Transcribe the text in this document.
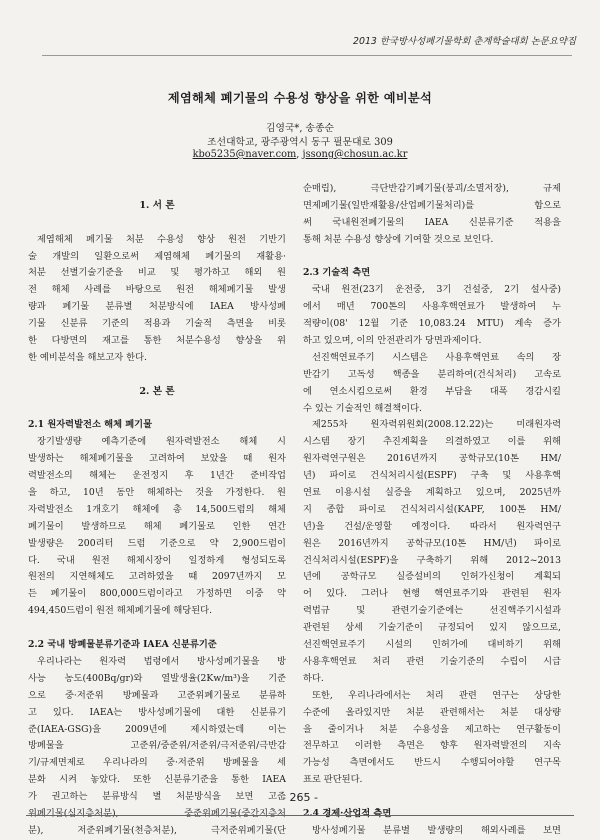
2013 한국방사성폐기물학회 춘계학술대회 논문요약집
제염해체 폐기물의 수용성 향상을 위한 예비분석
김영국*, 송종순
조선대학교, 광주광역시 동구 필문대로 309
kbo5235@naver.com, jssong@chosun.ac.kr
1. 서 론
제염해체 폐기물 처분 수용성 향상 원전 기반기
술 개발의 일환으로써 제염해체 폐기물의 재활용·
처분 선별기술기준을 비교 및 평가하고 해외 원
전 해체 사례를 바탕으로 원전 해체폐기물 발생
량과 폐기물 분류별 처분방식에 IAEA 방사성폐
기물 신분류 기준의 적용과 기술적 측면을 비롯
한 다방면의 재고를 통한 처분수용성 향상을 위
한 예비분석을 해보고자 한다.
2. 본 론
2.1 원자력발전소 해체 폐기물
장기발생량 예측기준에 원자력발전소 해체 시
발생하는 해체폐기물을 고려하여 보았을 때 원자
력발전소의 해체는 운전정지 후 1년간 준비작업
을 하고, 10년 동안 해체하는 것을 가정한다. 원
자력발전소 1개호기 해체에 총 14,500드럼의 해체
폐기물이 발생하므로 해체 폐기물로 인한 연간
발생량은 200리터 드럼 기준으로 약 2,900드럼이
다. 국내 원전 해체시장이 일정하게 형성되도록
원전의 지연해체도 고려하였을 때 2097년까지 모
든 폐기물이 800,000드럼이라고 가정하면 이중 약
494,450드럼이 원전 해체폐기물에 해당된다.
2.2 국내 방폐물분류기준과 IAEA 신분류기준
우리나라는 원자력 법령에서 방사성폐기물을 방
사능 농도(400Bq/gr)와 열발생율(2Kw/m³)을 기준
으로 중·저준위 방폐물과 고준위폐기물로 분류하
고 있다. IAEA는 방사성폐기물에 대한 신분류기
준(IAEA-GSG)을 2009년에 제시하였는데 이는
방폐물을 고준위/중준위/저준위/극저준위/극반감
기/규제면제로 우리나라의 중·저준위 방폐물을 세
분화 시켜 놓았다. 또한 신분류기준을 통한 IAEA
가 권고하는 분류방식 별 처분방식을 보면 고준
위폐기물(심지층처분), 중준위폐기물(중간지층처
분), 저준위폐기물(천층처분), 극저준위폐기물(단
순매립), 극단반감기폐기물(붕괴/소멸저장), 규제
면제폐기물(일반재활용/산업폐기물처리)를 함으로
써 국내원전폐기물의 IAEA 신분류기준 적용을
통해 처분 수용성 향상에 기여할 것으로 보인다.
2.3 기술적 측면
국내 원전(23기 운전중, 3기 건설중, 2기 설사중)
에서 매년 700톤의 사용후핵연료가 발생하여 누
적량이(08' 12월 기준 10,083.24 MTU) 계속 증가
하고 있으며, 이의 안전관리가 당면과제이다.
선진핵연료주기 시스템은 사용후핵연료 속의 장
반감기 고독성 핵종을 분리하여(건식처리) 고속로
에 연소시킴으로써 환경 부담을 대폭 경감시킬
수 있는 기술적인 해결책이다.
제255차 원자력위원회(2008.12.22)는 미래원자력
시스템 장기 추진계획을 의결하였고 이를 위해
원자력연구원은 2016년까지 공학규모(10톤 HM/
년) 파이로 건식처리시설(ESPF) 구축 및 사용후핵
연료 이용시설 실증을 계획하고 있으며, 2025년까
지 종합 파이로 건식처리시설(KAPF, 100톤 HM/
년)을 건설/운영할 예정이다. 따라서 원자력연구
원은 2016년까지 공학규모(10톤 HM/년) 파이로
건식처리시설(ESPF)을 구축하기 위해 2012~2013
년에 공학규모 실증설비의 인허가신청이 계획되
어 있다. 그러나 현행 핵연료주기와 관련된 원자
력법규 및 관련기술기준에는 선진핵주기시설과
관련된 상세 기술기준이 규정되어 있지 않으므로,
선진핵연료주기 시설의 인허가에 대비하기 위해
사용후핵연료 처리 관련 기술기준의 수립이 시급
하다.
또한, 우리나라에서는 처리 관련 연구는 상당한
수준에 올라있지만 처분 관련해서는 처분 대상량
을 줄이거나 처분 수용성을 제고하는 연구활동이
전무하고 이러한 측면은 향후 원자력발전의 지속
가능성 측면에서도 반드시 수행되어야할 연구목
표로 판단된다.
2.4 경제·산업적 측면
방사성폐기물 분류별 발생량의 해외사례를 보면
- 265 -
